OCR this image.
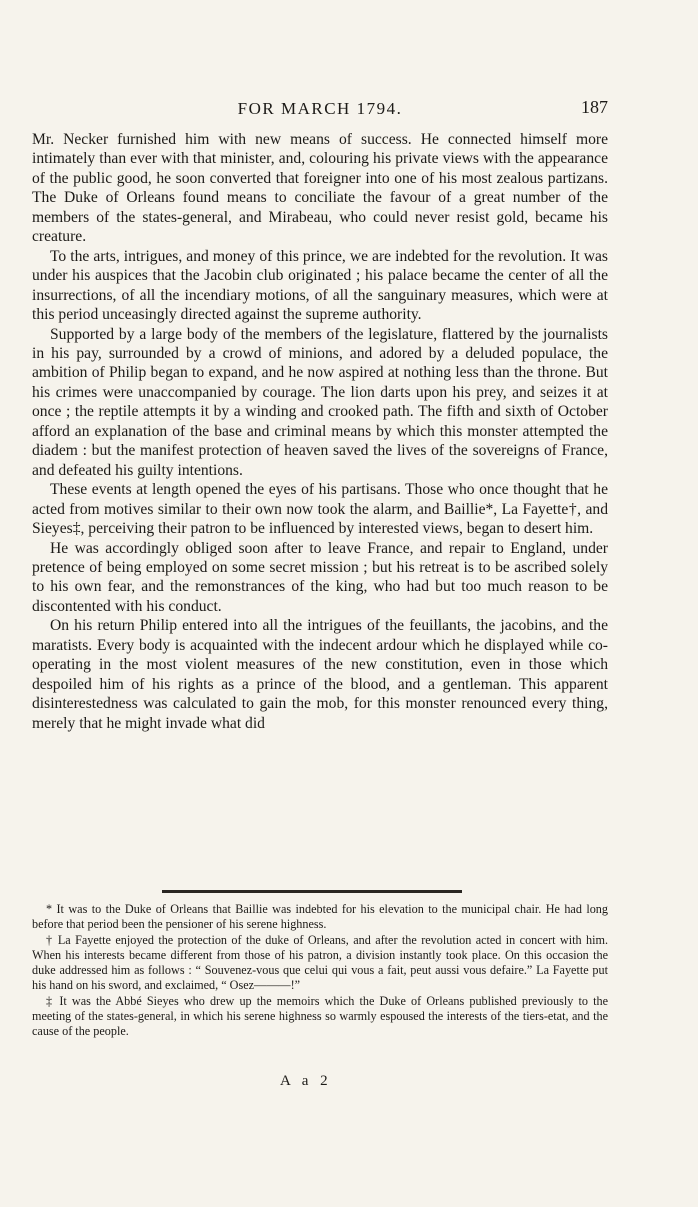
FOR MARCH 1794.	187

Mr. Necker furnished him with new means of success. He connected himself more intimately than ever with that minister, and, colouring his private views with the appearance of the public good, he soon converted that foreigner into one of his most zealous partizans. The Duke of Orleans found means to conciliate the favour of a great number of the members of the states-general, and Mirabeau, who could never resist gold, became his creature.

To the arts, intrigues, and money of this prince, we are indebted for the revolution. It was under his auspices that the Jacobin club originated ; his palace became the center of all the insurrections, of all the incendiary motions, of all the sanguinary measures, which were at this period unceasingly directed against the supreme authority.

Supported by a large body of the members of the legislature, flattered by the journalists in his pay, surrounded by a crowd of minions, and adored by a deluded populace, the ambition of Philip began to expand, and he now aspired at nothing less than the throne. But his crimes were unaccompanied by courage. The lion darts upon his prey, and seizes it at once ; the reptile attempts it by a winding and crooked path. The fifth and sixth of October afford an explanation of the base and criminal means by which this monster attempted the diadem : but the manifest protection of heaven saved the lives of the sovereigns of France, and defeated his guilty intentions.

These events at length opened the eyes of his partisans. Those who once thought that he acted from motives similar to their own now took the alarm, and Baillie*, La Fayette†, and Sieyes‡, perceiving their patron to be influenced by interested views, began to desert him.

He was accordingly obliged soon after to leave France, and repair to England, under pretence of being employed on some secret mission ; but his retreat is to be ascribed solely to his own fear, and the remonstrances of the king, who had but too much reason to be discontented with his conduct.

On his return Philip entered into all the intrigues of the feuillants, the jacobins, and the maratists. Every body is acquainted with the indecent ardour which he displayed while co-operating in the most violent measures of the new constitution, even in those which despoiled him of his rights as a prince of the blood, and a gentleman. This apparent disinterestedness was calculated to gain the mob, for this monster renounced every thing, merely that he might invade what did

* It was to the Duke of Orleans that Baillie was indebted for his elevation to the municipal chair. He had long before that period been the pensioner of his serene highness.

† La Fayette enjoyed the protection of the duke of Orleans, and after the revolution acted in concert with him. When his interests became different from those of his patron, a division instantly took place. On this occasion the duke addressed him as follows : “ Souvenez-vous que celui qui vous a fait, peut aussi vous defaire.” La Fayette put his hand on his sword, and exclaimed, “ Osez———!”

‡ It was the Abbé Sieyes who drew up the memoirs which the Duke of Orleans published previously to the meeting of the states-general, in which his serene highness so warmly espoused the interests of the tiers-etat, and the cause of the people.

A a 2
